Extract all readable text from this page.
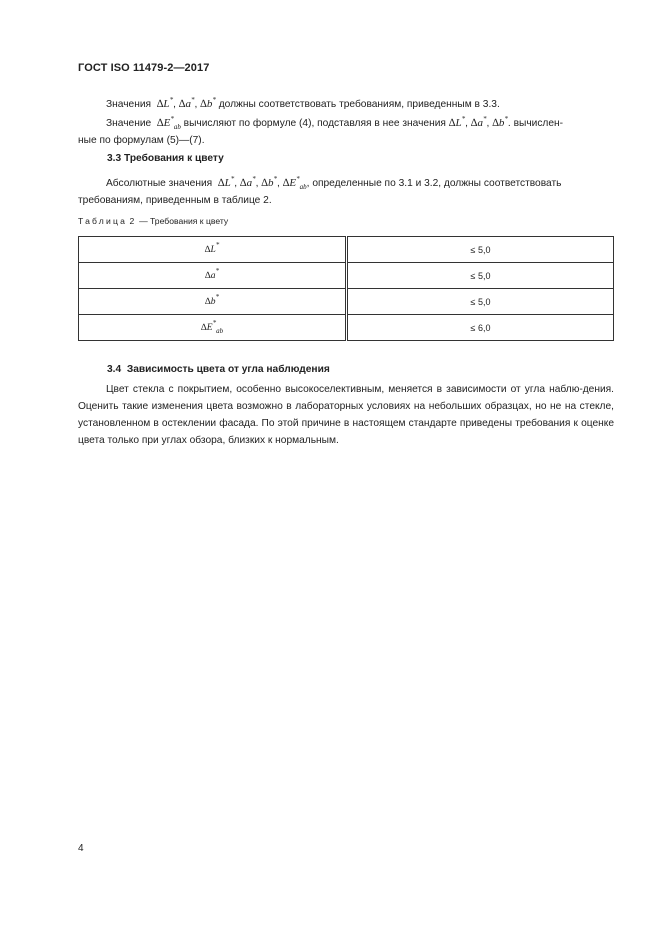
ГОСТ ISO 11479-2—2017
Значения ∆L*, ∆a*, ∆b* должны соответствовать требованиям, приведенным в 3.3.
Значение $\Delta E^*_{ab}$ вычисляют по формуле (4), подставляя в нее значения ∆L*, ∆a*, ∆b*. вычислен-
ные по формулам (5)—(7).
3.3 Требования к цвету
Абсолютные значения ∆L*, ∆a*, ∆b*, $\Delta E^*_{ab}$, определенные по 3.1 и 3.2, должны соответствовать
требованиям, приведенным в таблице 2.
Таблица 2 — Требования к цвету
∆L*	≤ 5,0
∆a*	≤ 5,0
∆b*	≤ 5,0
$\Delta E^*_{ab}$	≤ 6,0
3.4  Зависимость цвета от угла наблюдения
Цвет стекла с покрытием, особенно высокоселективным, меняется в зависимости от угла наблю-дения. Оценить такие изменения цвета возможно в лабораторных условиях на небольших образцах, но не на стекле, установленном в остеклении фасада. По этой причине в настоящем стандарте приведены требования к оценке цвета только при углах обзора, близких к нормальным.
4
